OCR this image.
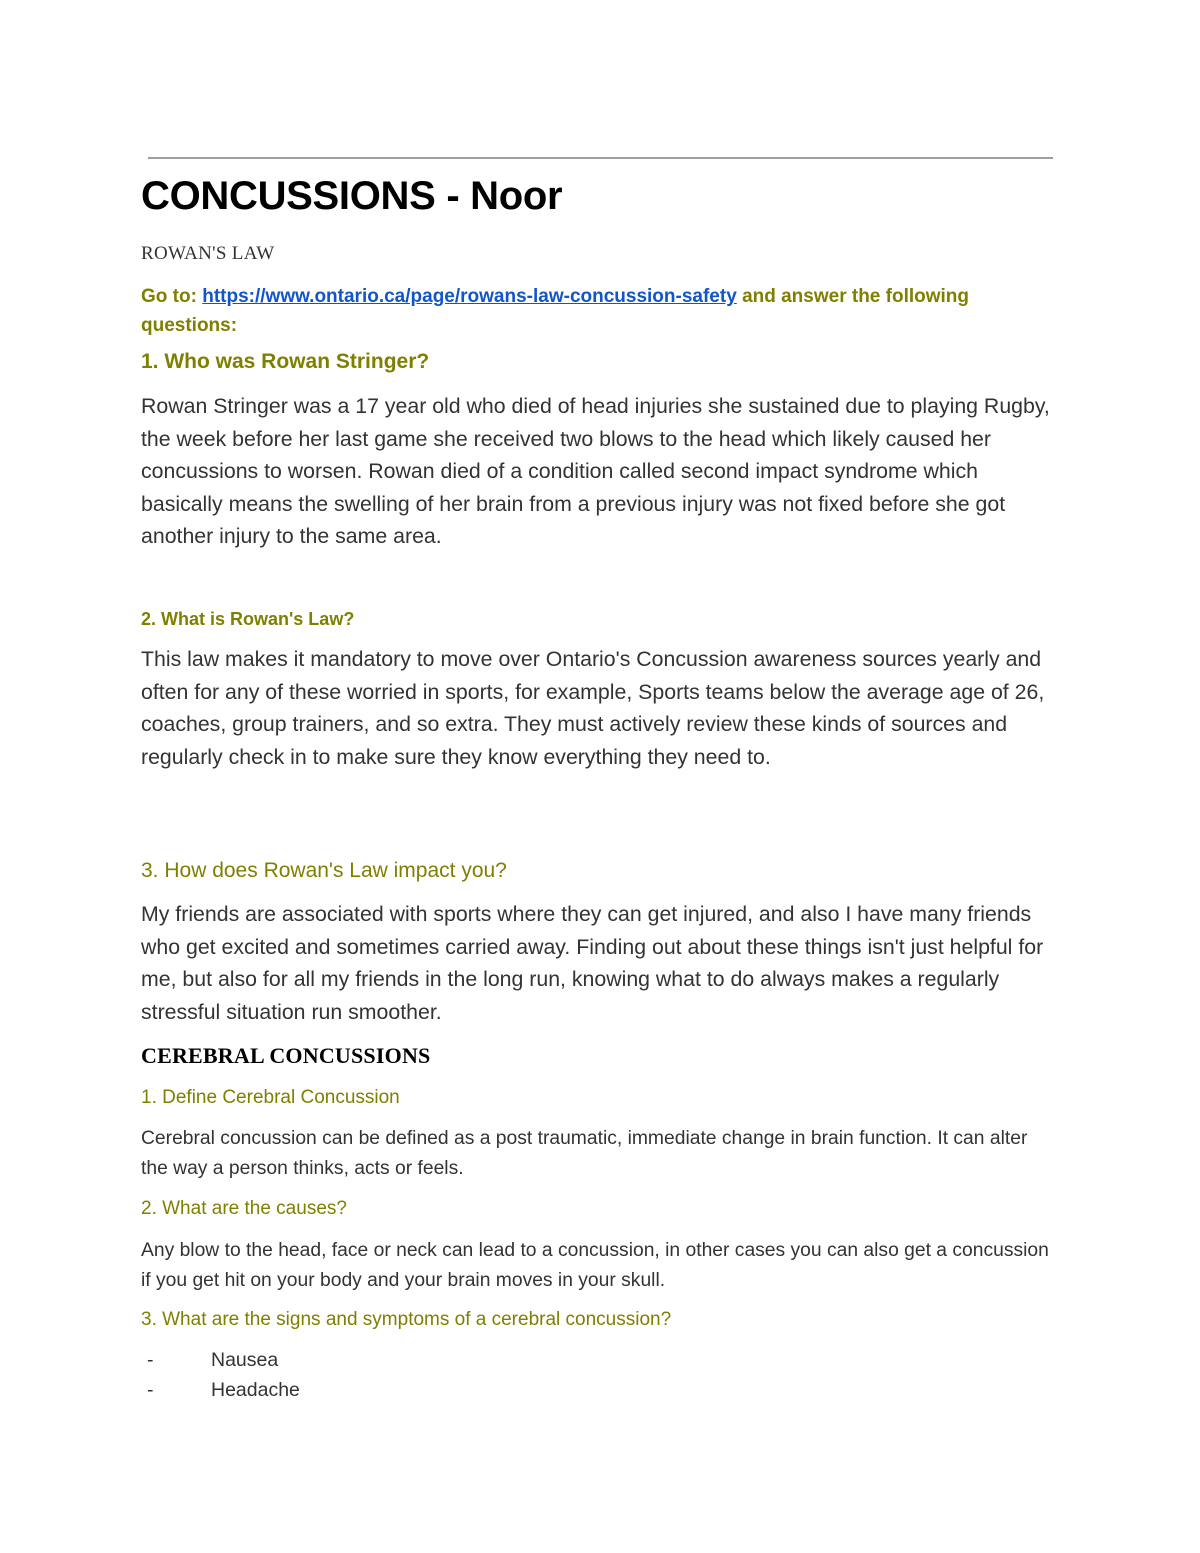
CONCUSSIONS - Noor
ROWAN'S LAW
Go to: https://www.ontario.ca/page/rowans-law-concussion-safety and answer the following questions:
1. Who was Rowan Stringer?
Rowan Stringer was a 17 year old who died of head injuries she sustained due to playing Rugby, the week before her last game she received two blows to the head which likely caused her concussions to worsen. Rowan died of a condition called second impact syndrome which basically means the swelling of her brain from a previous injury was not fixed before she got another injury to the same area.
2. What is Rowan's Law?
This law makes it mandatory to move over Ontario's Concussion awareness sources yearly and often for any of these worried in sports, for example, Sports teams below the average age of 26, coaches, group trainers, and so extra. They must actively review these kinds of sources and regularly check in to make sure they know everything they need to.
3. How does Rowan's Law impact you?
My friends are associated with sports where they can get injured, and also I have many friends who get excited and sometimes carried away. Finding out about these things isn't just helpful for me, but also for all my friends in the long run, knowing what to do always makes a regularly stressful situation run smoother.
CEREBRAL CONCUSSIONS
1. Define Cerebral Concussion
Cerebral concussion can be defined as a post traumatic, immediate change in brain function. It can alter the way a person thinks, acts or feels.
2. What are the causes?
Any blow to the head, face or neck can lead to a concussion, in other cases you can also get a concussion if you get hit on your body and your brain moves in your skull.
3. What are the signs and symptoms of a cerebral concussion?
-	Nausea
-	Headache
